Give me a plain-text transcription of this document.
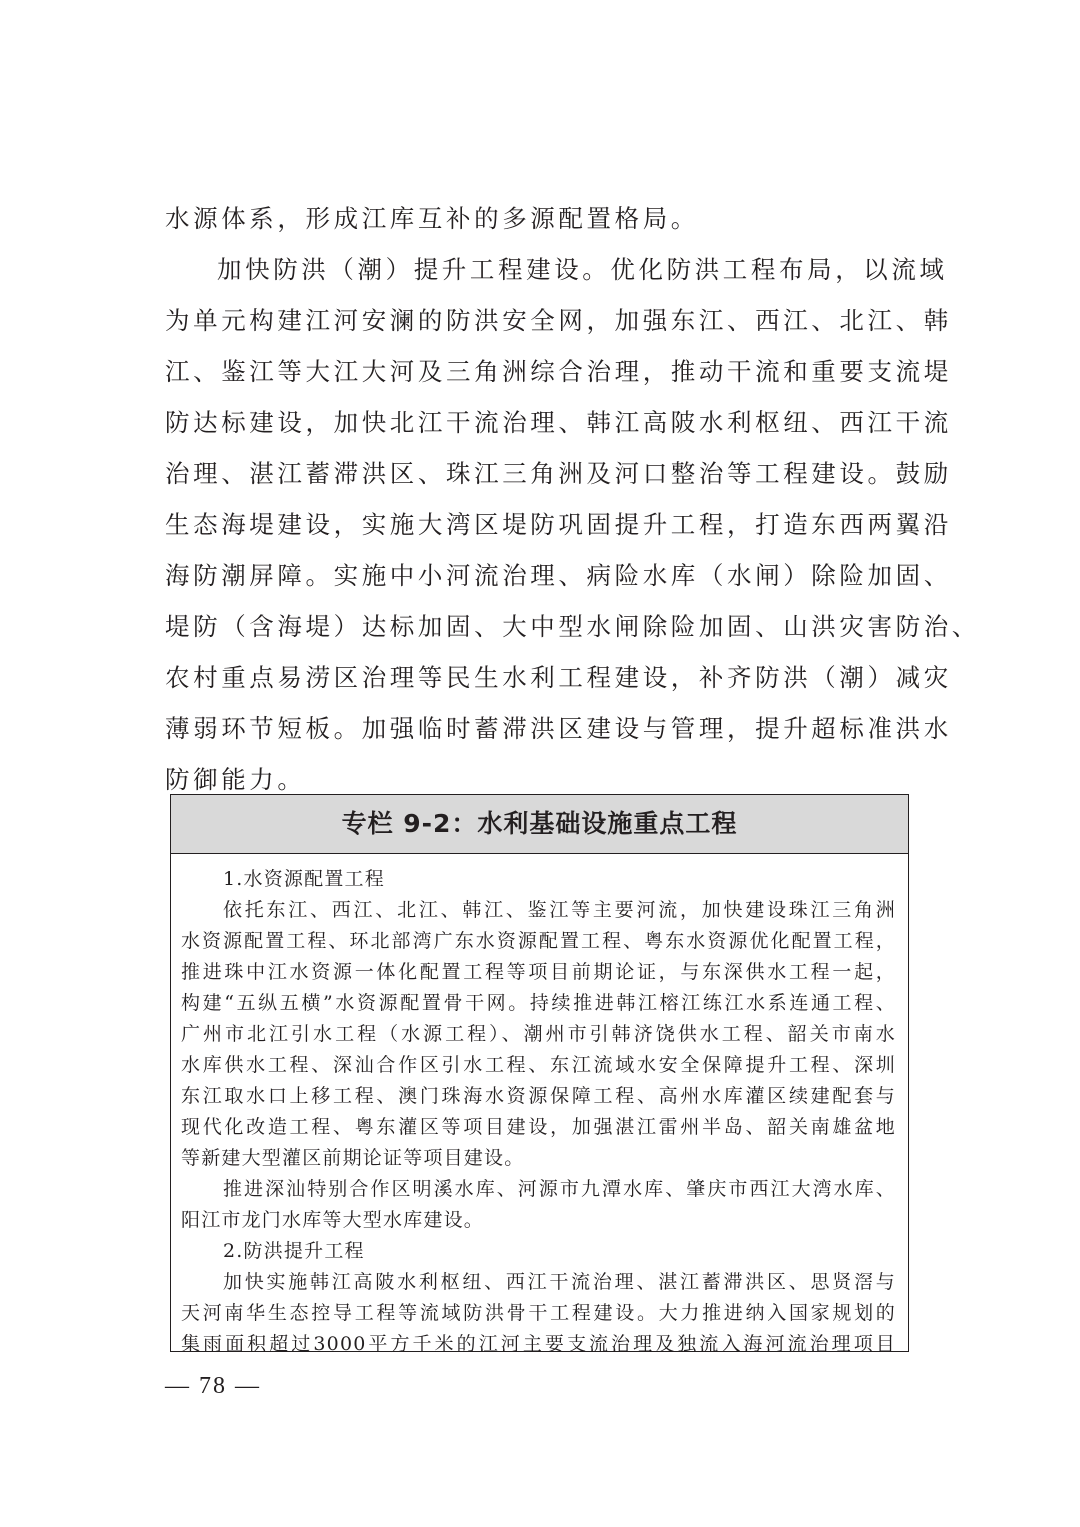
水源体系，形成江库互补的多源配置格局。
加快防洪（潮）提升工程建设。优化防洪工程布局，以流域
为单元构建江河安澜的防洪安全网，加强东江、西江、北江、韩
江、鉴江等大江大河及三角洲综合治理，推动干流和重要支流堤
防达标建设，加快北江干流治理、韩江高陂水利枢纽、西江干流
治理、湛江蓄滞洪区、珠江三角洲及河口整治等工程建设。鼓励
生态海堤建设，实施大湾区堤防巩固提升工程，打造东西两翼沿
海防潮屏障。实施中小河流治理、病险水库（水闸）除险加固、
堤防（含海堤）达标加固、大中型水闸除险加固、山洪灾害防治、
农村重点易涝区治理等民生水利工程建设，补齐防洪（潮）减灾
薄弱环节短板。加强临时蓄滞洪区建设与管理，提升超标准洪水
防御能力。
专栏 9-2：水利基础设施重点工程
1.水资源配置工程
依托东江、西江、北江、韩江、鉴江等主要河流，加快建设珠江三角洲
水资源配置工程、环北部湾广东水资源配置工程、粤东水资源优化配置工程，
推进珠中江水资源一体化配置工程等项目前期论证，与东深供水工程一起，
构建“五纵五横”水资源配置骨干网。持续推进韩江榕江练江水系连通工程、
广州市北江引水工程（水源工程）、潮州市引韩济饶供水工程、韶关市南水
水库供水工程、深汕合作区引水工程、东江流域水安全保障提升工程、深圳
东江取水口上移工程、澳门珠海水资源保障工程、高州水库灌区续建配套与
现代化改造工程、粤东灌区等项目建设，加强湛江雷州半岛、韶关南雄盆地
等新建大型灌区前期论证等项目建设。
推进深汕特别合作区明溪水库、河源市九潭水库、肇庆市西江大湾水库、
阳江市龙门水库等大型水库建设。
2.防洪提升工程
加快实施韩江高陂水利枢纽、西江干流治理、湛江蓄滞洪区、思贤滘与
天河南华生态控导工程等流域防洪骨干工程建设。大力推进纳入国家规划的
集雨面积超过3000平方千米的江河主要支流治理及独流入海河流治理项目
— 78 —
